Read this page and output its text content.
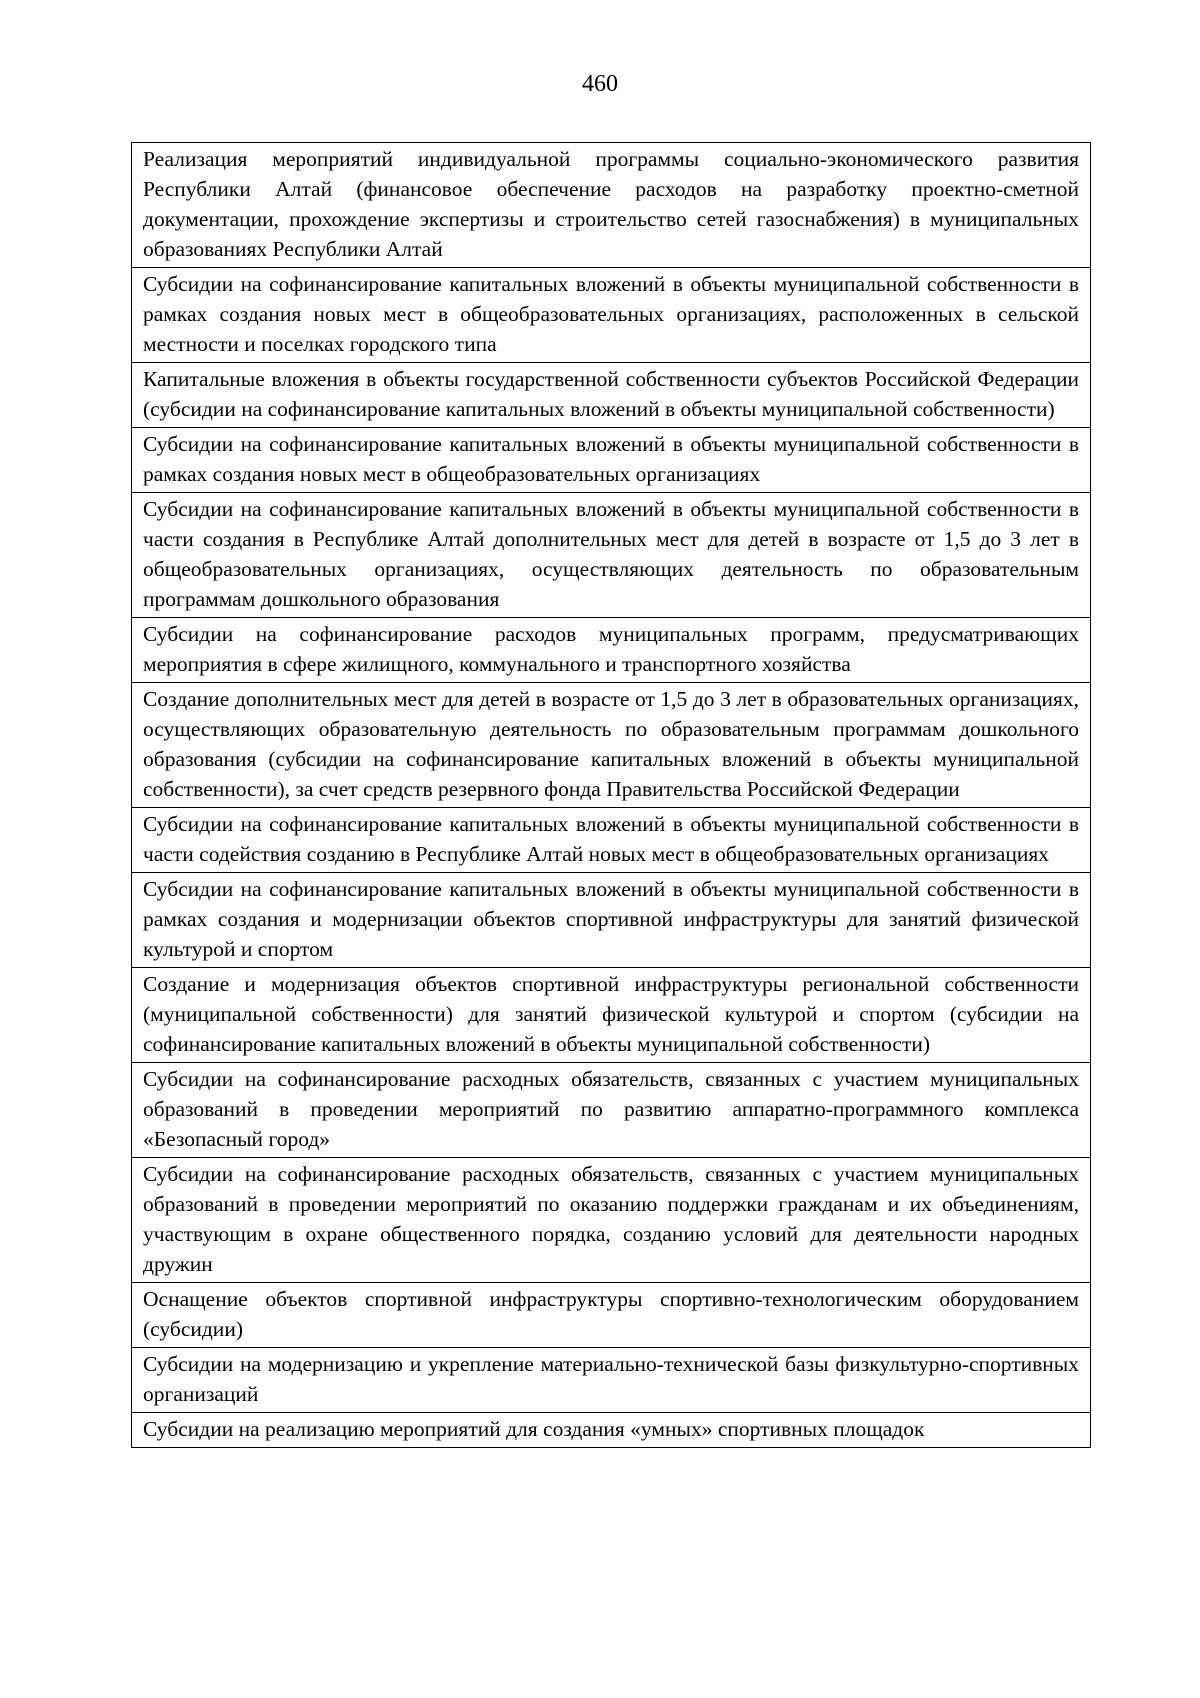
460
Реализация мероприятий индивидуальной программы социально-экономического развития Республики Алтай (финансовое обеспечение расходов на разработку проектно-сметной документации, прохождение экспертизы и строительство сетей газоснабжения) в муниципальных образованиях Республики Алтай
Субсидии на софинансирование капитальных вложений в объекты муниципальной собственности в рамках создания новых мест в общеобразовательных организациях, расположенных в сельской местности и поселках городского типа
Капитальные вложения в объекты государственной собственности субъектов Российской Федерации (субсидии на софинансирование капитальных вложений в объекты муниципальной собственности)
Субсидии на софинансирование капитальных вложений в объекты муниципальной собственности в рамках создания новых мест в общеобразовательных организациях
Субсидии на софинансирование капитальных вложений в объекты муниципальной собственности в части создания в Республике Алтай дополнительных мест для детей в возрасте от 1,5 до 3 лет в общеобразовательных организациях, осуществляющих деятельность по образовательным программам дошкольного образования
Субсидии на софинансирование расходов муниципальных программ, предусматривающих мероприятия в сфере жилищного, коммунального и транспортного хозяйства
Создание дополнительных мест для детей в возрасте от 1,5 до 3 лет в образовательных организациях, осуществляющих образовательную деятельность по образовательным программам дошкольного образования (субсидии на софинансирование капитальных вложений в объекты муниципальной собственности), за счет средств резервного фонда Правительства Российской Федерации
Субсидии на софинансирование капитальных вложений в объекты муниципальной собственности в части содействия созданию в Республике Алтай новых мест в общеобразовательных организациях
Субсидии на софинансирование капитальных вложений в объекты муниципальной собственности в рамках создания и модернизации объектов спортивной инфраструктуры для занятий физической культурой и спортом
Создание и модернизация объектов спортивной инфраструктуры региональной собственности (муниципальной собственности) для занятий физической культурой и спортом (субсидии на софинансирование капитальных вложений в объекты муниципальной собственности)
Субсидии на софинансирование расходных обязательств, связанных с участием муниципальных образований в проведении мероприятий по развитию аппаратно-программного комплекса «Безопасный город»
Субсидии на софинансирование расходных обязательств, связанных с участием муниципальных образований в проведении мероприятий по оказанию поддержки гражданам и их объединениям, участвующим в охране общественного порядка, созданию условий для деятельности народных дружин
Оснащение объектов спортивной инфраструктуры спортивно-технологическим оборудованием (субсидии)
Субсидии на модернизацию и укрепление материально-технической базы физкультурно-спортивных организаций
Субсидии на реализацию мероприятий для создания «умных» спортивных площадок
